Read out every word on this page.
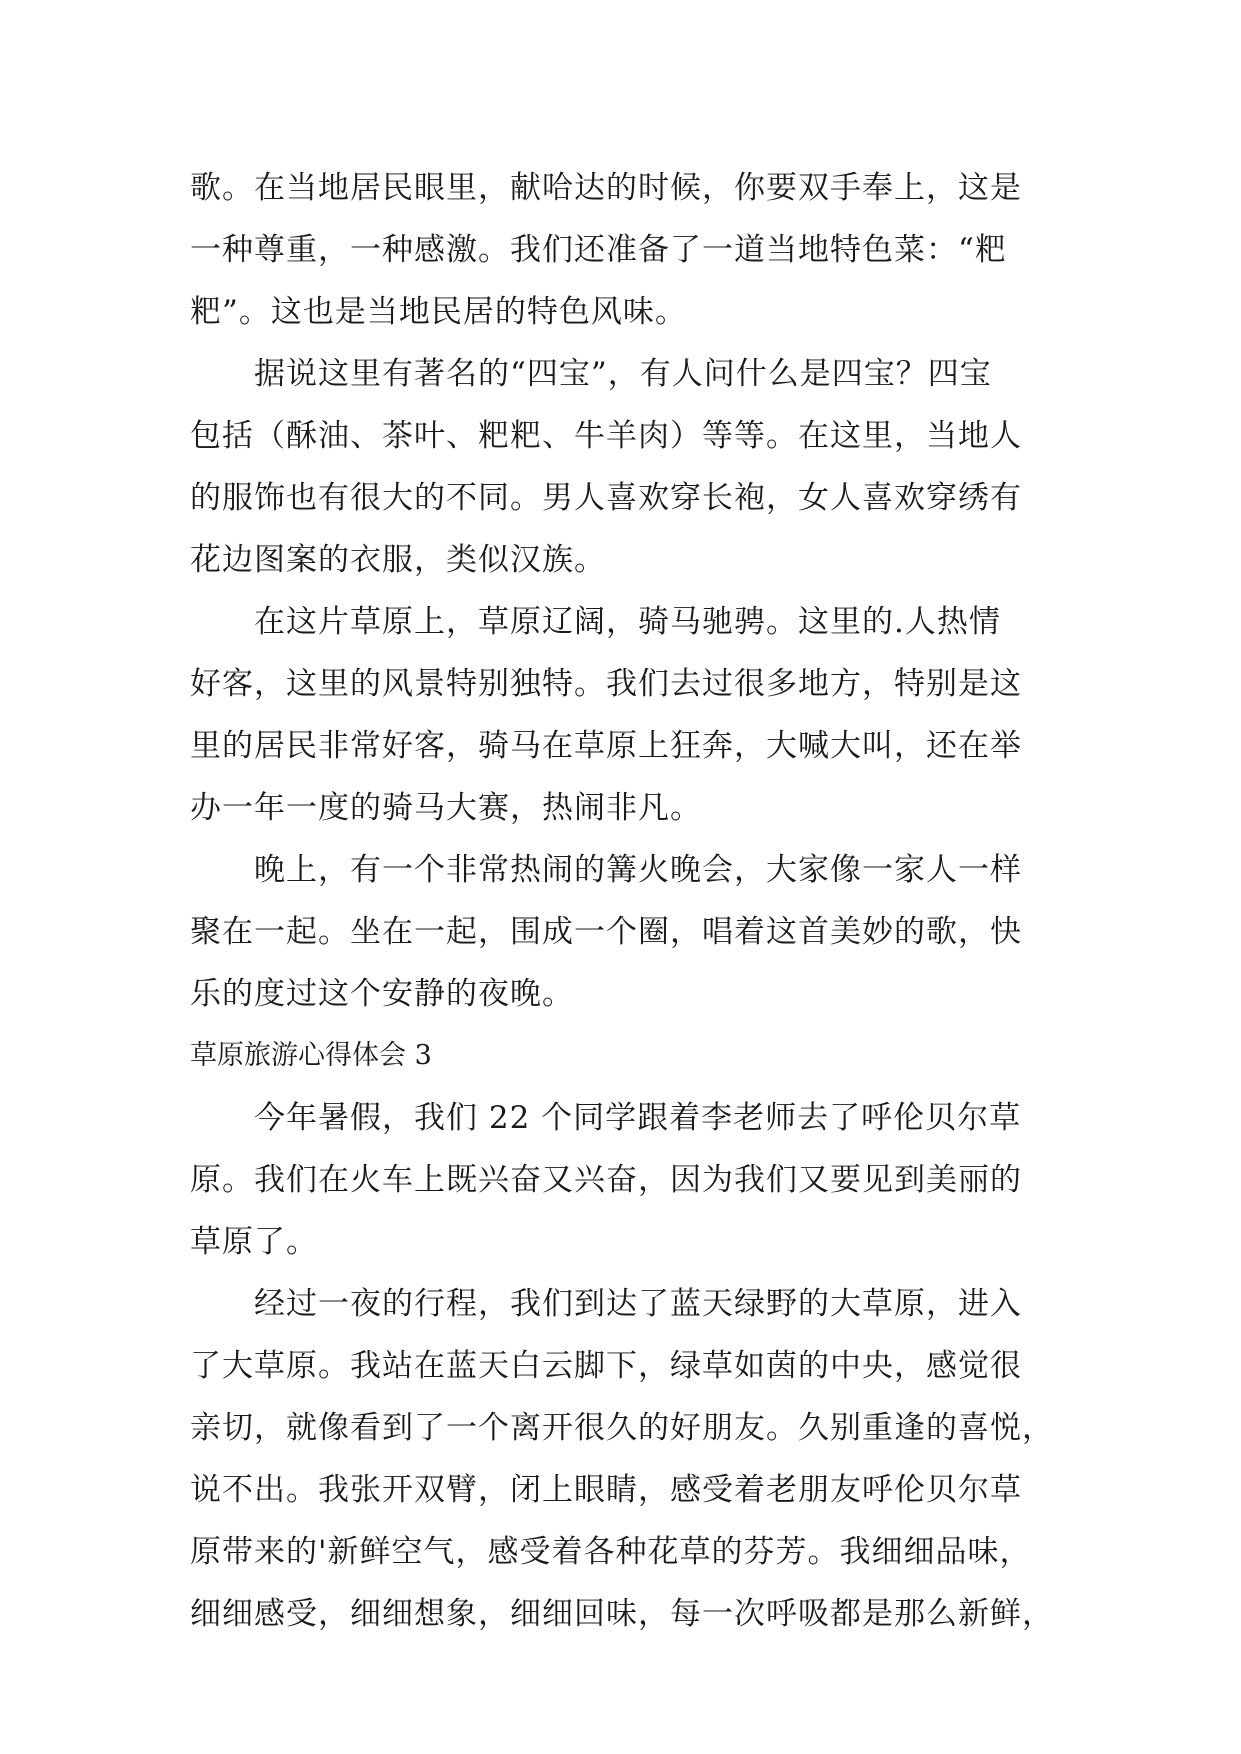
歌。在当地居民眼里，献哈达的时候，你要双手奉上，这是
一种尊重，一种感激。我们还准备了一道当地特色菜：“粑
粑”。这也是当地民居的特色风味。
据说这里有著名的“四宝”，有人问什么是四宝？四宝
包括（酥油、茶叶、粑粑、牛羊肉）等等。在这里，当地人
的服饰也有很大的不同。男人喜欢穿长袍，女人喜欢穿绣有
花边图案的衣服，类似汉族。
在这片草原上，草原辽阔，骑马驰骋。这里的.人热情
好客，这里的风景特别独特。我们去过很多地方，特别是这
里的居民非常好客，骑马在草原上狂奔，大喊大叫，还在举
办一年一度的骑马大赛，热闹非凡。
晚上，有一个非常热闹的篝火晚会，大家像一家人一样
聚在一起。坐在一起，围成一个圈，唱着这首美妙的歌，快
乐的度过这个安静的夜晚。
草原旅游心得体会 3
今年暑假，我们 22 个同学跟着李老师去了呼伦贝尔草
原。我们在火车上既兴奋又兴奋，因为我们又要见到美丽的
草原了。
经过一夜的行程，我们到达了蓝天绿野的大草原，进入
了大草原。我站在蓝天白云脚下，绿草如茵的中央，感觉很
亲切，就像看到了一个离开很久的好朋友。久别重逢的喜悦，
说不出。我张开双臂，闭上眼睛，感受着老朋友呼伦贝尔草
原带来的'新鲜空气，感受着各种花草的芬芳。我细细品味，
细细感受，细细想象，细细回味，每一次呼吸都是那么新鲜，
